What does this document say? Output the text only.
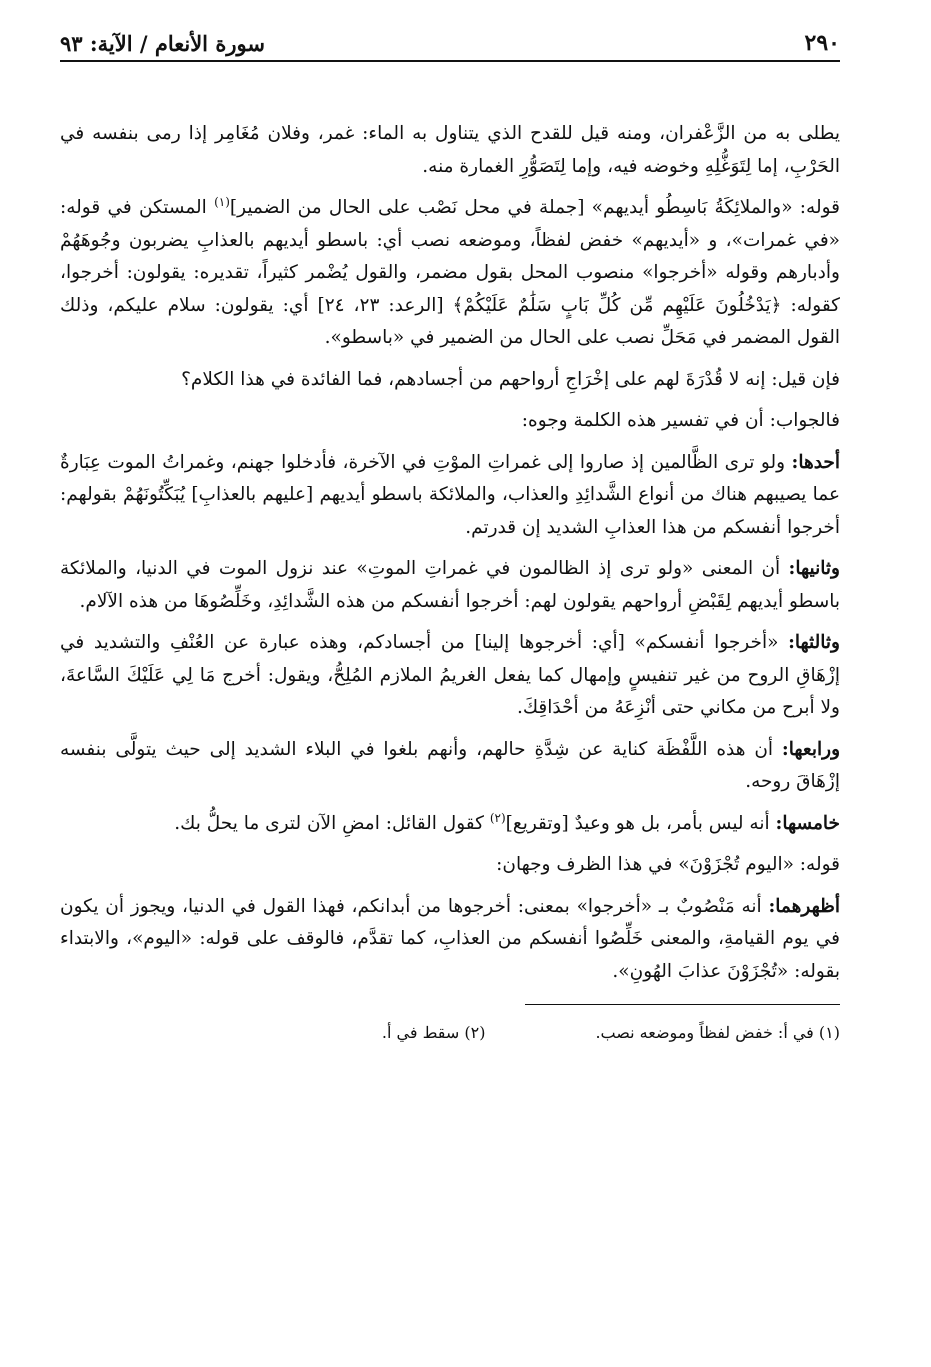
٢٩٠
سورة الأنعام / الآية: ٩٣

يطلى به من الزَّعْفران، ومنه قيل للقدح الذي يتناول به الماء: غمر، وفلان مُغَامِر إذا رمى بنفسه في الحَرْبِ، إما لِتَوَغُّلِهِ وخوضه فيه، وإما لِتَصَوُّرِ الغمارة منه.

قوله: «والملائِكَةُ بَاسِطُو أيديهم» [جملة في محل نَصْب على الحال من الضمير]$^{(١)}$ المستكن في قوله: «في غمرات»، و «أيديهم» خفض لفظاً، وموضعه نصب أي: باسطو أيديهم بالعذابِ يضربون وجُوهَهُمْ وأدبارهم وقوله «أخرجوا» منصوب المحل بقول مضمر، والقول يُضْمر كثيراً، تقديره: يقولون: أخرجوا، كقوله: ﴿يَدْخُلُونَ عَلَيْهِم مِّن كُلِّ بَابٍ سَلَٰمٌ عَلَيْكُمْ﴾ [الرعد: ٢٣، ٢٤] أي: يقولون: سلام عليكم، وذلك القول المضمر في مَحَلِّ نصب على الحال من الضمير في «باسطو».

فإن قيل: إنه لا قُدْرَةَ لهم على إخْرَاجِ أرواحهم من أجسادهم، فما الفائدة في هذا الكلام؟

فالجواب: أن في تفسير هذه الكلمة وجوه:

أحدها: ولو ترى الظَّالمين إذ صاروا إلى غمراتِ الموْتِ في الآخرة، فأدخلوا جهنم، وغمراتُ الموت عِبَارةٌ عما يصيبهم هناك من أنواع الشَّدائِدِ والعذاب، والملائكة باسطو أيديهم [عليهم بالعذابِ] يُبَكِّتُونَهُمْ بقولهم: أخرجوا أنفسكم من هذا العذابِ الشديد إن قدرتم.

وثانيها: أن المعنى «ولو ترى إذ الظالمون في غمراتِ الموتِ» عند نزول الموت في الدنيا، والملائكة باسطو أيديهم لِقَبْضِ أرواحهم يقولون لهم: أخرجوا أنفسكم من هذه الشَّدائِدِ، وخَلِّصُوهَا من هذه الآلام.

وثالثها: «أخرجوا أنفسكم» [أي: أخرجوها إلينا] من أجسادكم، وهذه عبارة عن العُنْفِ والتشديد في إزْهَاقِ الروح من غير تنفيسٍ وإمهال كما يفعل الغريمُ الملازم المُلِحُّ، ويقول: أخرج مَا لِي عَلَيْكَ السَّاعةَ، ولا أبرح من مكاني حتى أنْزِعَهُ من أحْدَاقِكَ.

ورابعها: أن هذه اللَّفْظَة كناية عن شِدَّةِ حالهم، وأنهم بلغوا في البلاء الشديد إلى حيث يتولَّى بنفسه إزْهَاقَ روحه.

خامسها: أنه ليس بأمر، بل هو وعيدٌ [وتقريع]$^{(٢)}$ كقول القائل: امضِ الآن لترى ما يحلُّ بك.

قوله: «اليوم تُجْزَوْنَ» في هذا الظرف وجهان:

أظهرهما: أنه مَنْصُوبٌ بـ «أخرجوا» بمعنى: أخرجوها من أبدانكم، فهذا القول في الدنيا، ويجوز أن يكون في يوم القيامةِ، والمعنى خَلِّصُوا أنفسكم من العذابِ، كما تقدَّم، فالوقف على قوله: «اليوم»، والابتداء بقوله: «تُجْزَوْنَ عذابَ الهُونِ».

(١) في أ: خفض لفظاً وموضعه نصب.
(٢) سقط في أ.
